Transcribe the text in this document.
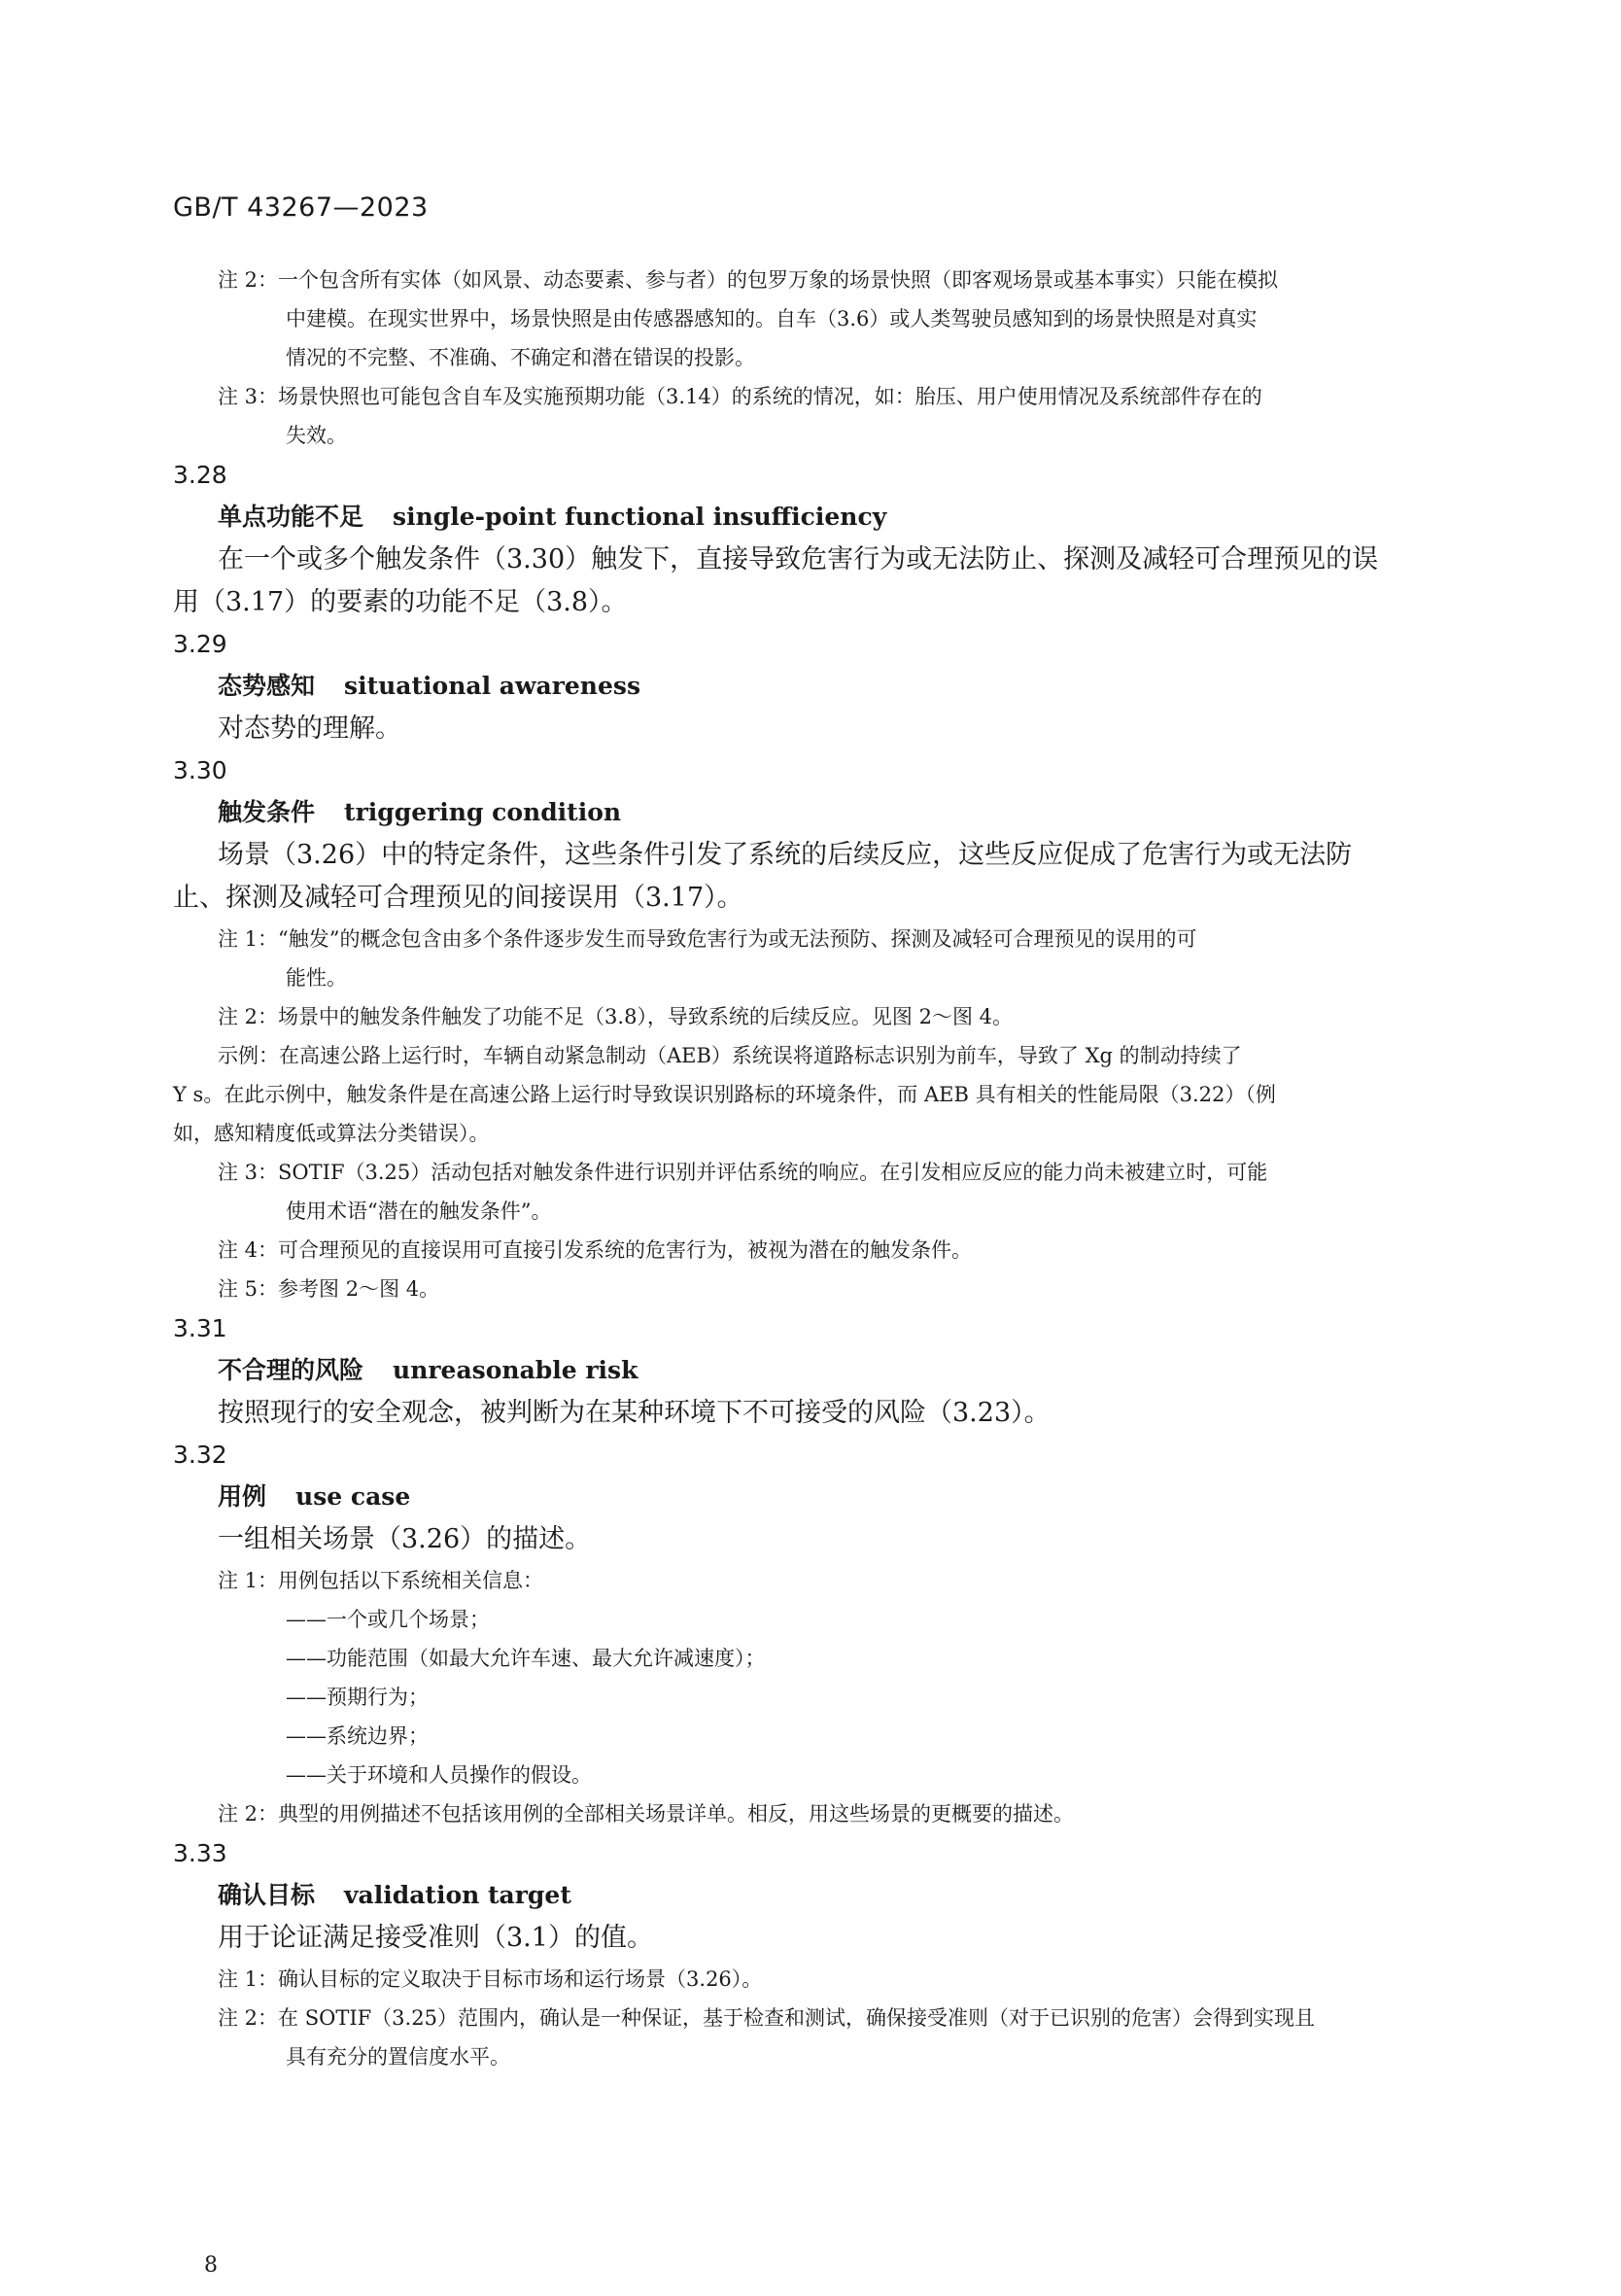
GB/T 43267—2023
注 2：一个包含所有实体（如风景、动态要素、参与者）的包罗万象的场景快照（即客观场景或基本事实）只能在模拟
中建模。在现实世界中，场景快照是由传感器感知的。自车（3.6）或人类驾驶员感知到的场景快照是对真实
情况的不完整、不准确、不确定和潜在错误的投影。
注 3：场景快照也可能包含自车及实施预期功能（3.14）的系统的情况，如：胎压、用户使用情况及系统部件存在的
失效。
3.28
单点功能不足 single-point functional insufficiency
在一个或多个触发条件（3.30）触发下，直接导致危害行为或无法防止、探测及减轻可合理预见的误
用（3.17）的要素的功能不足（3.8）。
3.29
态势感知 situational awareness
对态势的理解。
3.30
触发条件 triggering condition
场景（3.26）中的特定条件，这些条件引发了系统的后续反应，这些反应促成了危害行为或无法防
止、探测及减轻可合理预见的间接误用（3.17）。
注 1：“触发”的概念包含由多个条件逐步发生而导致危害行为或无法预防、探测及减轻可合理预见的误用的可
能性。
注 2：场景中的触发条件触发了功能不足（3.8），导致系统的后续反应。见图 2～图 4。
示例：在高速公路上运行时，车辆自动紧急制动（AEB）系统误将道路标志识别为前车，导致了 Xg 的制动持续了
Y s。在此示例中，触发条件是在高速公路上运行时导致误识别路标的环境条件，而 AEB 具有相关的性能局限（3.22）（例
如，感知精度低或算法分类错误）。
注 3：SOTIF（3.25）活动包括对触发条件进行识别并评估系统的响应。在引发相应反应的能力尚未被建立时，可能
使用术语“潜在的触发条件”。
注 4：可合理预见的直接误用可直接引发系统的危害行为，被视为潜在的触发条件。
注 5：参考图 2～图 4。
3.31
不合理的风险 unreasonable risk
按照现行的安全观念，被判断为在某种环境下不可接受的风险（3.23）。
3.32
用例 use case
一组相关场景（3.26）的描述。
注 1：用例包括以下系统相关信息：
——一个或几个场景；
——功能范围（如最大允许车速、最大允许减速度）；
——预期行为；
——系统边界；
——关于环境和人员操作的假设。
注 2：典型的用例描述不包括该用例的全部相关场景详单。相反，用这些场景的更概要的描述。
3.33
确认目标 validation target
用于论证满足接受准则（3.1）的值。
注 1：确认目标的定义取决于目标市场和运行场景（3.26）。
注 2：在 SOTIF（3.25）范围内，确认是一种保证，基于检查和测试，确保接受准则（对于已识别的危害）会得到实现且
具有充分的置信度水平。
8
